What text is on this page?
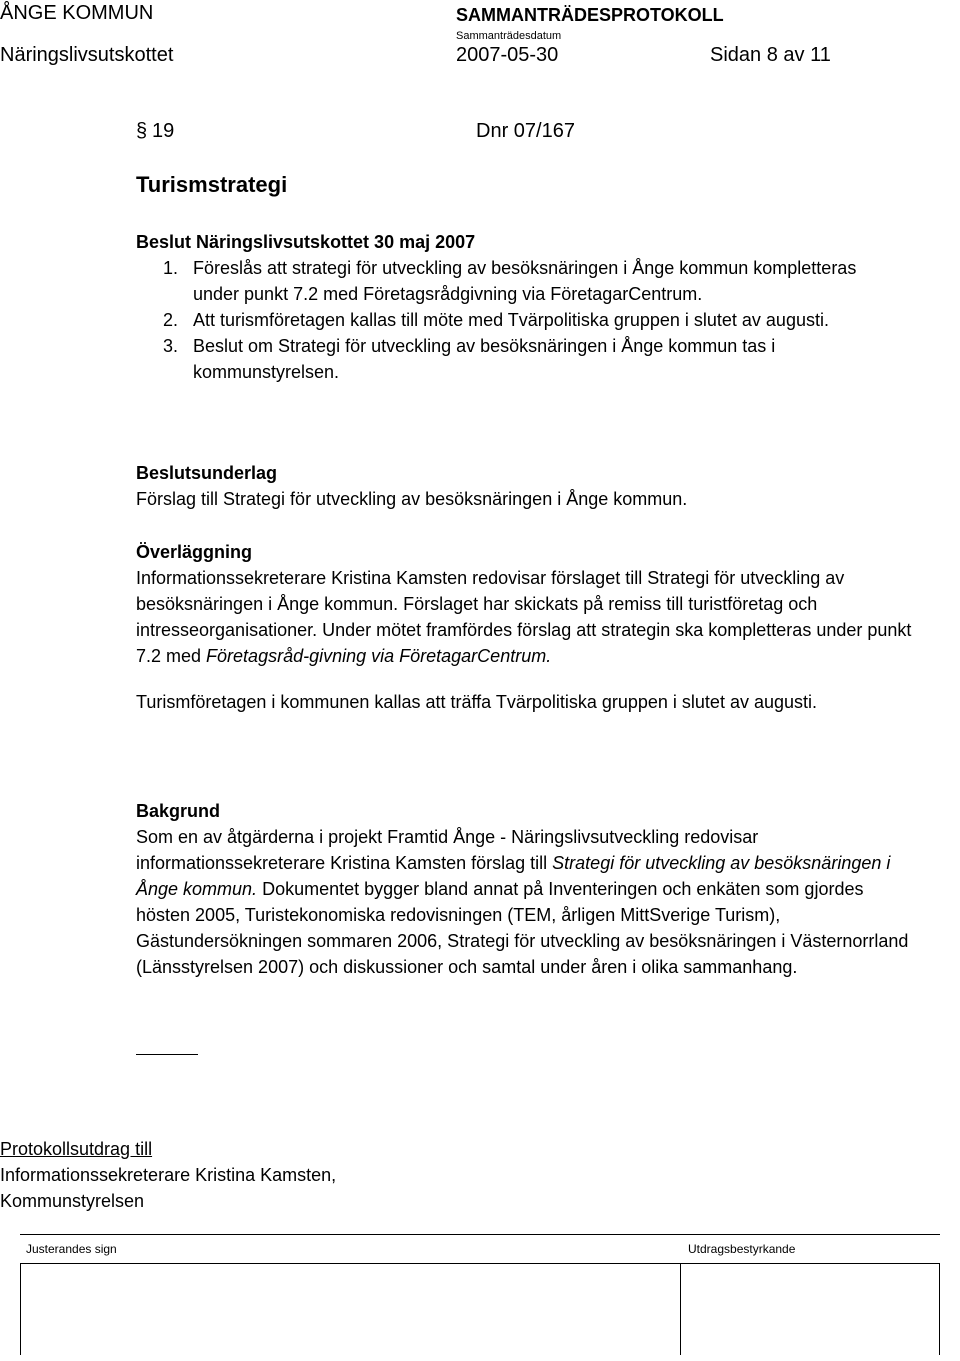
ÅNGE KOMMUN	SAMMANTRÄDESPROTOKOLL
Sammanträdesdatum
Näringslivsutskottet	2007-05-30	Sidan 8 av 11
§ 19	Dnr 07/167
Turismstrategi

Beslut Näringslivsutskottet 30 maj 2007

1. Föreslås att strategi för utveckling av besöksnäringen i Ånge kommun kompletteras under punkt 7.2 med Företagsrådgivning via FöretagarCentrum.
2. Att turismföretagen kallas till möte med Tvärpolitiska gruppen i slutet av augusti.
3. Beslut om Strategi för utveckling av besöksnäringen i Ånge kommun tas i kommunstyrelsen.

Beslutsunderlag

Förslag till Strategi för utveckling av besöksnäringen i Ånge kommun.

Överläggning

Informationssekreterare Kristina Kamsten redovisar förslaget till Strategi för utveckling av besöksnäringen i Ånge kommun. Förslaget har skickats på remiss till turistföretag och intresseorganisationer. Under mötet framfördes förslag att strategin ska kompletteras under punkt 7.2 med Företagsråd-givning via FöretagarCentrum.

Turismföretagen i kommunen kallas att träffa Tvärpolitiska gruppen i slutet av augusti.

Bakgrund

Som en av åtgärderna i projekt Framtid Ånge - Näringslivsutveckling redovisar informationssekreterare Kristina Kamsten förslag till Strategi för utveckling av besöksnäringen i Ånge kommun. Dokumentet bygger bland annat på Inventeringen och enkäten som gjordes hösten 2005, Turistekonomiska redovisningen (TEM, årligen MittSverige Turism), Gästundersökningen sommaren 2006, Strategi för utveckling av besöksnäringen i Västernorrland (Länsstyrelsen 2007) och diskussioner och samtal under åren i olika sammanhang.

Protokollsutdrag till
Informationssekreterare Kristina Kamsten,
Kommunstyrelsen
Justerandes sign	Utdragsbestyrkande
